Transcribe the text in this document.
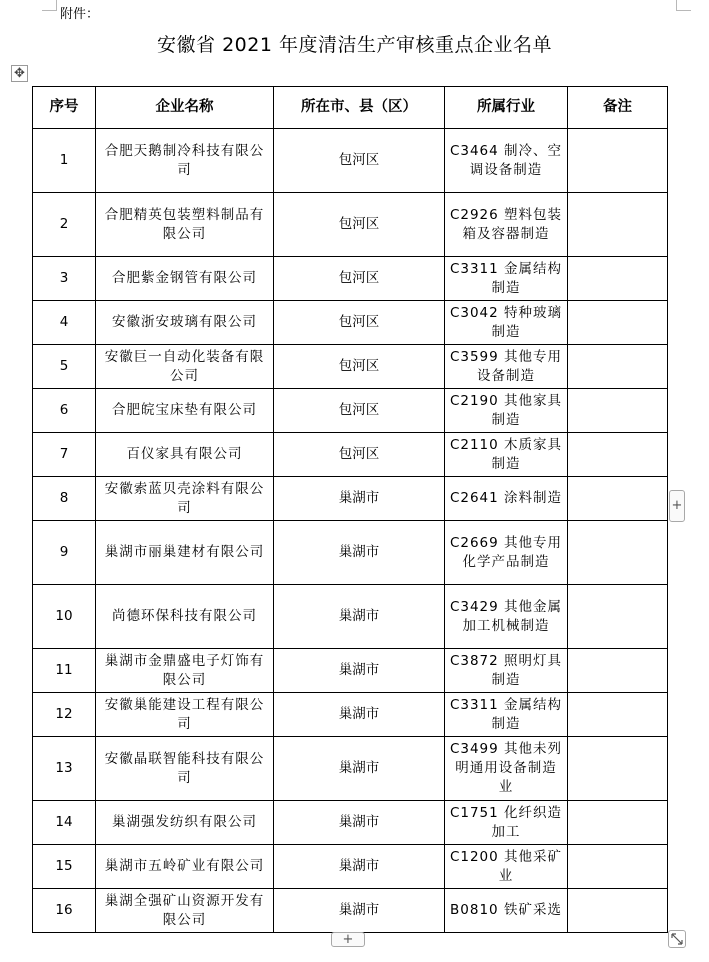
附件：
安徽省 2021 年度清洁生产审核重点企业名单
✥
序号	企业名称	所在市、县（区）	所属行业	备注
1	合肥天鹅制冷科技有限公司	包河区	C3464 制冷、空调设备制造	
2	合肥精英包装塑料制品有限公司	包河区	C2926 塑料包装箱及容器制造	
3	合肥紫金钢管有限公司	包河区	C3311 金属结构制造	
4	安徽浙安玻璃有限公司	包河区	C3042 特种玻璃制造	
5	安徽巨一自动化装备有限公司	包河区	C3599 其他专用设备制造	
6	合肥皖宝床垫有限公司	包河区	C2190 其他家具制造	
7	百仪家具有限公司	包河区	C2110 木质家具制造	
8	安徽索蓝贝壳涂料有限公司	巢湖市	C2641 涂料制造	
9	巢湖市丽巢建材有限公司	巢湖市	C2669 其他专用化学产品制造	
10	尚德环保科技有限公司	巢湖市	C3429 其他金属加工机械制造	
11	巢湖市金鼎盛电子灯饰有限公司	巢湖市	C3872 照明灯具制造	
12	安徽巢能建设工程有限公司	巢湖市	C3311 金属结构制造	
13	安徽晶联智能科技有限公司	巢湖市	C3499 其他未列明通用设备制造业	
14	巢湖强发纺织有限公司	巢湖市	C1751 化纤织造加工	
15	巢湖市五岭矿业有限公司	巢湖市	C1200 其他采矿业	
16	巢湖全强矿山资源开发有限公司	巢湖市	B0810 铁矿采选	
+
+
